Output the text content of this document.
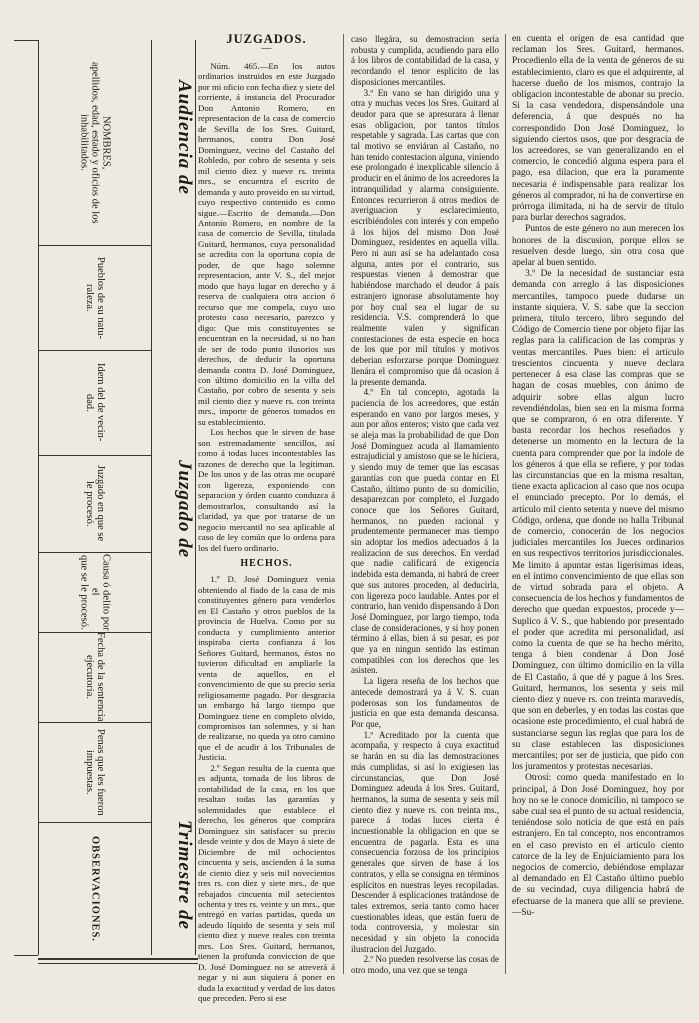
NOMBRES,
apellidos, edad, estado y oficios de los inhabilitados.
Pueblos de su natu-
raleza.
Idem del de vecin-
dad.
Juzgado en que se
le procesó.
Causa ó delito por el
que se le procesó.
Fecha de la sentencia
ejecutoria.
Penas que les fueron
impuestas.
OBSERVACIONES.
Audiencia de
Juzgado de
Trimestre de

JUZGADOS.

—

Núm. 465.—En los autos ordinarios instruidos en este Juzgado por mi oficio con fecha diez y siete del corriente, á instancia del Procurador Don Antonio Romero, en representacion de la casa de comercio de Sevilla de los Sres. Guitard, hermanos, contra Don José Dominguez, vecino del Castaño del Robledo, por cobro de sesenta y seis mil ciento diez y nueve rs. treinta mrs., se encuentra el escrito de demanda y auto proveido en su virtud, cuyo respectivo contenido es como sigue.—Escrito de demanda.—Don Antonio Romero, en nombre de la casa de comercio de Sevilla, titulada Guitard, hermanos, cuya personalidad se acredita con la oportuna copia de poder, de que hago solemne representacion, ante V. S., del mejor modo que haya lugar en derecho y á reserva de cualquiera otra accion ó recurso que me compela, cuyo uso protesto caso necesario, parezco y digo: Que mis constituyentes se encuentran en la necesidad, si no han de ser de todo punto ilusorios sus derechos, de deducir la oportuna demanda contra D. José Dominguez, con último domicilio en la villa del Castaño, por cobro de sesenta y seis mil ciento diez y nueve rs. con treinta mrs., importe de géneros tomados en su establecimiento.

Los hechos que le sirven de base son estremadamente sencillos, así como á todas luces incontestables las razones de derecho que la legitiman. De los unos y de las otras me ocuparé con ligereza, exponiendo con separacion y órden cuanto conduzca á demostrarlos, consultando así la claridad, ya que por tratarse de un negocio mercantil no sea aplicable al caso de ley común que lo ordena para los del fuero ordinario.

HECHOS.

1.º D. José Dominguez venia obteniendo al fiado de la casa de mis constituyentes género para venderlos en El Castaño y otros pueblos de la provincia de Huelva. Como por su conducta y cumplimiento anterior inspiraba cierta confianza á los Señores Guitard, hermanos, éstos no tuvieron dificultad en ampliarle la venta de aquellos, en el convencimiento de que su precio seria religiosamente pagado. Por desgracia un embargo há largo tiempo que Dominguez tiene en completo olvido, compromisos tan solemnes, y si han de realizarse, no queda ya otro camino que el de acudir á los Tribunales de Justicia.

2.º Segun resulta de la cuenta que es adjunta, tomada de los libros de contabilidad de la casa, en los que resaltan todas las garantías y solemnidades que establece el derecho, los géneros que comprára Dominguez sin satisfacer su precio desde veinte y dos de Mayo á siete de Diciembre de mil ochocientos cincuenta y seis, ascienden á la suma de ciento diez y seis mil novecientos tres rs. con diez y siete mrs., de que rebajados cincuenta mil setecientos ochenta y tres rs. veinte y un mrs., que entregó en varias partidas, queda un adeudo líquido de sesenta y seis mil ciento diez y nueve reales con treinta mrs. Los Sres. Guitard, hermanos, tienen la profunda conviccion de que D. José Dominguez no se atreverá á negar y ni aun siquiera á poner en duda la exactitud y verdad de los datos que preceden. Pero si ese

caso llegára, su demostracion seria robusta y cumplida, acudiendo para ello á los libros de contabilidad de la casa, y recordando el tenor esplícito de las disposiciones mercantiles.

3.º En vano se han dirigido una y otra y muchas veces los Sres. Guitard al deudor para que se apresurara á llenar esas obligacion, por tantos títulos respetable y sagrada. Las cartas que con tal motivo se enviáran al Castaño, no han tenido contestacion alguna, viniendo ese prolongado é inexplicable silencio á producir en el ánimo de los acreedores la intranquilidad y alarma consiguiente. Entonces recurrieron á otros medios de averiguacion y esclarecimiento, escribiéndoles con interés y con empeño á los hijos del mismo Don José Dominguez, residentes en aquella villa. Pero ni aun así se ha adelantado cosa alguna, antes por el contrario, sus respuestas vienen á demostrar que habiéndose marchado el deudor á país estranjero ignorase absolutamente hoy por hoy cual sea el lugar de su residencia. V.S. comprenderá lo que realmente valen y significan contestaciones de esta especie en boca de los que por mil títulos y motivos deberian esforzarse porque Dominguez llenára el compromiso que dá ocasion á la presente demanda.

4.º En tal concepto, agotada la paciencia de los acreedores, que están esperando en vano por largos meses, y aun por años enteros; visto que cada vez se aleja mas la probabilidad de que Don José Dominguez acuda al llamamiento estrajudicial y amistoso que se le hiciera, y siendo muy de temer que las escasas garantías con que pueda contar en El Castaño, último punto de su domicilio, desaparezcan por completo, el Juzgado conoce que los Señores Guitard, hermanos, no pueden racional y prudentemente permanecer mas tiempo sin adoptar los medios adecuados á la realizacion de sus derechos. En verdad que nadie calificará de exigencia indebida esta demanda, ni habrá de creer que sus autores proceden, al deducirla, con ligereza poco laudable. Antes por el contrario, han venido dispensando á Don José Dominguez, por largo tiempo, toda clase de consideraciones, y si hoy ponen término á ellas, bien á su pesar, es por que ya en ningun sentido las estiman compatibles con los derechos que les asisten.

La ligera reseña de los hechos que antecede demostrará ya á V. S. cuan poderosas son los fundamentos de justicia en que esta demanda descansa. Por que,

1.º Acreditado por la cuenta que acompaña, y respecto á cuya exactitud se harán en su dia las demostraciones más cumplidas, si así lo exigiesen las circunstancias, que Don José Dominguez adeuda á los Sres. Guitard, hermanos, la suma de sesenta y seis mil ciento diez y nueve rs. con treinta ms., parece á todas luces cierta é incuestionable la obligacion en que se encuentra de pagarla. Esta es una consecuencia forzosa de los principios generales que sirven de base á los contratos, y ella se consigna en términos esplícitos en nuestras leyes recopiladas. Descender á esplicaciones tratándose de tales extremos, seria tanto como hacer cuestionables ideas, que están fuera de toda controversia, y molestar sin necesidad y sin objeto la conocida ilustracion del Juzgado.

2.º No pueden resolverse las cosas de otro modo, una vez que se tenga

en cuenta el orígen de esa cantidad que reclaman los Sres. Guitard, hermanos. Procedienlo ella de la venta de géneros de su establecimiento, claro es que el adquirente, al hacerse dueño de los mismos, contrajo la obligacion incontestable de abonar su precio. Si la casa vendedora, dispensándole una deferencia, á que después no ha correspondido Don José Dominguez, lo siguiendo ciertos usos, que por desgracia de los acreedores, se van generalizando en el comercio, le concedió alguna espera para el pago, esa dilacion, que era la puramente necesaria é indispensable para realizar los géneros al comprador, ni ha de convertirse en prórroga ilimitada, ni ha de servir de título para burlar derechos sagrados.

Puntos de este género no aun merecen los honores de la discusion, porque ellos se resuelven desde luego, sin otra cosa que apelar al buen sentido.

3.º De la necesidad de sustanciar esta demanda con arreglo á las disposiciones mercantiles, tampoco puede dudarse un instante siquiera. V. S. sabe que la seccion primera, título tercero, libro segundo del Código de Comercio tiene por objeto fijar las reglas para la calificacion de las compras y ventas mercantiles. Pues bien: el artículo trescientos cincuenta y nueve declara pertenecer á esa clase las compras que se hagan de cosas muebles, con ánimo de adquirir sobre ellas algun lucro revendiéndolas, bien sea en la misma forma que se compraron, ó en otra diferente. Y basta recordar los hechos reseñados y detenerse un momento en la lectura de la cuenta para comprender que por la índole de los géneros á que ella se refiere, y por todas las circunstancias que en la misma resaltan, tiene exacta aplicacion al caso que nos ocupa el enunciado precepto. Por lo demás, el artículo mil ciento setenta y nueve del mismo Código, ordena, que donde no halla Tribunal de comercio, conocerán de los negocios judiciales mercantiles los Jueces ordinarios en sus respectivos territorios jurisdiccionales. Me limito á apuntar estas ligerísimas ideas, en el íntimo convencimiento de que ellas son de virtud sobrada para el objeto. A consecuencia de los hechos y fundamentos de derecho que quedan expuestos, procede y—Suplico á V. S., que habiendo por presentado el poder que acredita mi personalidad, así como la cuenta de que se ha hecho mérito, tenga á bien condenar á Don José Dominguez, con último domicilio en la villa de El Castaño, á que dé y pague á los Sres. Guitard, hermanos, los sesenta y seis mil ciento diez y nueve rs. con treinta maravedís, que son en deberles, y en todas las costas que ocasione este procedimiento, el cual habrá de sustanciarse segun las reglas que para los de su clase establecen las disposiciones mercantiles; por ser de justicia, que pido con los juramentos y protestas necesarias.

Otrosí: como queda manifestado en lo principal, á Don José Dominguez, hoy por hoy no se le conoce domicilio, ni tampoco se sabe cual sea el punto de su actual residencia, teniéndose solo noticia de que está en país estranjero. En tal concepto, nos encontramos en el caso previsto en el artículo ciento catorce de la ley de Enjuiciamiento para los negocios de comercio, debiéndose emplazar al demandado en El Castaño último pueblo de su vecindad, cuya diligencia habrá de efectuarse de la manera que allí se previene.—Su-
